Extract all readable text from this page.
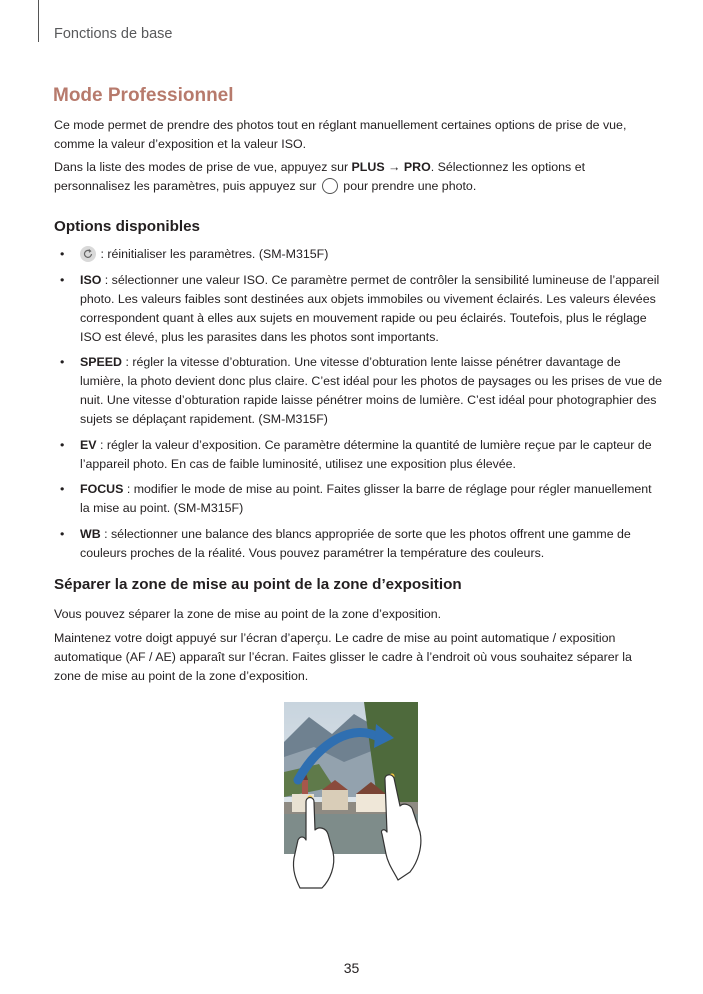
Fonctions de base
Mode Professionnel

Ce mode permet de prendre des photos tout en réglant manuellement certaines options de prise de vue, comme la valeur d’exposition et la valeur ISO.

Dans la liste des modes de prise de vue, appuyez sur PLUS → PRO. Sélectionnez les options et personnalisez les paramètres, puis appuyez sur  pour prendre une photo.

Options disponibles
•	: réinitialiser les paramètres. (SM-M315F)
• ISO : sélectionner une valeur ISO. Ce paramètre permet de contrôler la sensibilité lumineuse de l’appareil photo. Les valeurs faibles sont destinées aux objets immobiles ou vivement éclairés. Les valeurs élevées correspondent quant à elles aux sujets en mouvement rapide ou peu éclairés. Toutefois, plus le réglage ISO est élevé, plus les parasites dans les photos sont importants.
• SPEED : régler la vitesse d’obturation. Une vitesse d’obturation lente laisse pénétrer davantage de lumière, la photo devient donc plus claire. C’est idéal pour les photos de paysages ou les prises de vue de nuit. Une vitesse d’obturation rapide laisse pénétrer moins de lumière. C’est idéal pour photographier des sujets se déplaçant rapidement. (SM-M315F)
• EV : régler la valeur d’exposition. Ce paramètre détermine la quantité de lumière reçue par le capteur de l’appareil photo. En cas de faible luminosité, utilisez une exposition plus élevée.
• FOCUS : modifier le mode de mise au point. Faites glisser la barre de réglage pour régler manuellement la mise au point. (SM-M315F)
• WB : sélectionner une balance des blancs appropriée de sorte que les photos offrent une gamme de couleurs proches de la réalité. Vous pouvez paramétrer la température des couleurs.
Séparer la zone de mise au point de la zone d’exposition

Vous pouvez séparer la zone de mise au point de la zone d’exposition.

Maintenez votre doigt appuyé sur l’écran d’aperçu. Le cadre de mise au point automatique / exposition automatique (AF / AE) apparaît sur l’écran. Faites glisser le cadre à l’endroit où vous souhaitez séparer la zone de mise au point de la zone d’exposition.

35
